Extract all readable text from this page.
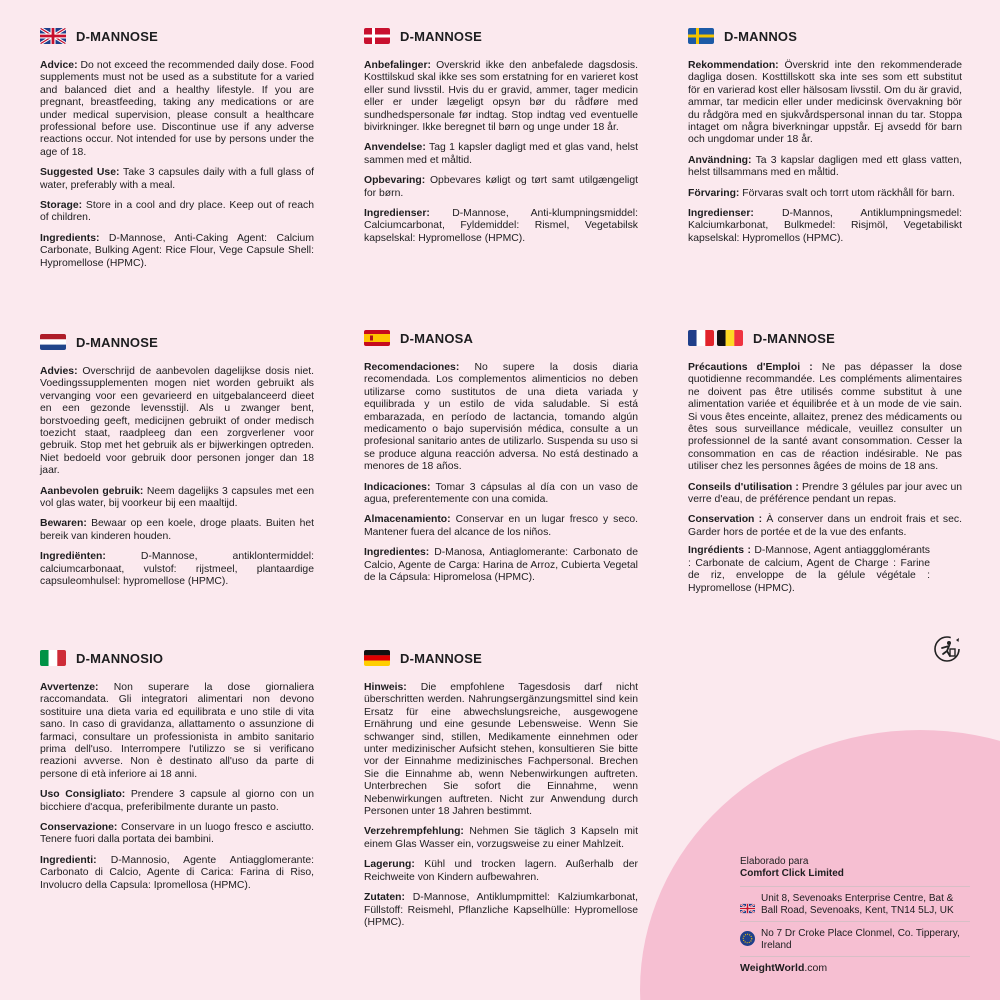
D-MANNOSE

Advice: Do not exceed the recommended daily dose. Food supplements must not be used as a substitute for a varied and balanced diet and a healthy lifestyle. If you are pregnant, breastfeeding, taking any medications or are under medical supervision, please consult a healthcare professional before use. Discontinue use if any adverse reactions occur. Not intended for use by persons under the age of 18.

Suggested Use: Take 3 capsules daily with a full glass of water, preferably with a meal.

Storage: Store in a cool and dry place. Keep out of reach of children.

Ingredients: D-Mannose, Anti-Caking Agent: Calcium Carbonate, Bulking Agent: Rice Flour, Vege Capsule Shell: Hypromellose (HPMC).

D-MANNOSE

Anbefalinger: Overskrid ikke den anbefalede dagsdosis. Kosttilskud skal ikke ses som erstatning for en varieret kost eller sund livsstil. Hvis du er gravid, ammer, tager medicin eller er under lægeligt opsyn bør du rådføre med sundhedspersonale før indtag. Stop indtag ved eventuelle bivirkninger. Ikke beregnet til børn og unge under 18 år.

Anvendelse: Tag 1 kapsler dagligt med et glas vand, helst sammen med et måltid.

Opbevaring: Opbevares køligt og tørt samt utilgængeligt for børn.

Ingredienser: D-Mannose, Anti-klumpningsmiddel: Calciumcarbonat, Fyldemiddel: Rismel, Vegetabilsk kapselskal: Hypromellose (HPMC).

D-MANNOS

Rekommendation: Överskrid inte den rekommenderade dagliga dosen. Kosttillskott ska inte ses som ett substitut för en varierad kost eller hälsosam livsstil. Om du är gravid, ammar, tar medicin eller under medicinsk övervakning bör du rådgöra med en sjukvårdspersonal innan du tar. Stoppa intaget om några biverkningar uppstår. Ej avsedd för barn och ungdomar under 18 år.

Användning: Ta 3 kapslar dagligen med ett glass vatten, helst tillsammans med en måltid.

Förvaring: Förvaras svalt och torrt utom räckhåll för barn.

Ingredienser:	D-Mannos, Antiklumpningsmedel: Kalciumkarbonat, Bulkmedel: Risjmöl, Vegetabiliskt kapselskal: Hypromellos (HPMC).

D-MANNOSE

Advies: Overschrijd de aanbevolen dagelijkse dosis niet. Voedingssupplementen mogen niet worden gebruikt als vervanging voor een gevarieerd en uitgebalanceerd dieet en een gezonde levensstijl. Als u zwanger bent, borstvoeding geeft, medicijnen gebruikt of onder medisch toezicht staat, raadpleeg dan een zorgverlener voor gebruik. Stop met het gebruik als er bijwerkingen optreden. Niet bedoeld voor gebruik door personen jonger dan 18 jaar.

Aanbevolen gebruik: Neem dagelijks 3 capsules met een vol glas water, bij voorkeur bij een maaltijd.

Bewaren: Bewaar op een koele, droge plaats. Buiten het bereik van kinderen houden.

Ingrediënten:	D-Mannose, antiklontermiddel: calciumcarbonaat, vulstof: rijstmeel, plantaardige capsuleomhulsel: hypromellose (HPMC).

D-MANOSA

Recomendaciones: No supere la dosis diaria recomendada. Los complementos alimenticios no deben utilizarse como sustitutos de una dieta variada y equilibrada y un estilo de vida saludable. Si está embarazada, en período de lactancia, tomando algún medicamento o bajo supervisión médica, consulte a un profesional sanitario antes de utilizarlo. Suspenda su uso si se produce alguna reacción adversa. No está destinado a menores de 18 años.

Indicaciones: Tomar 3 cápsulas al día con un vaso de agua, preferentemente con una comida.

Almacenamiento: Conservar en un lugar fresco y seco. Mantener fuera del alcance de los niños.

Ingredientes: D-Manosa, Antiaglomerante: Carbonato de Calcio, Agente de Carga: Harina de Arroz, Cubierta Vegetal de la Cápsula: Hipromelosa (HPMC).

D-MANNOSE

Précautions d'Emploi : Ne pas dépasser la dose quotidienne recommandée. Les compléments alimentaires ne doivent pas être utilisés comme substitut à une alimentation variée et équilibrée et à un mode de vie sain. Si vous êtes enceinte, allaitez, prenez des médicaments ou êtes sous surveillance médicale, veuillez consulter un professionnel de la santé avant consommation. Cesser la consommation en cas de réaction indésirable. Ne pas utiliser chez les personnes âgées de moins de 18 ans.

Conseils d'utilisation : Prendre 3 gélules par jour avec un verre d'eau, de préférence pendant un repas.

Conservation : À conserver dans un endroit frais et sec. Garder hors de portée et de la vue des enfants.

Ingrédients : D-Mannose, Agent antiaggglomérants : Carbonate de calcium, Agent de Charge : Farine de riz, enveloppe de la gélule végétale : Hypromellose (HPMC).

D-MANNOSIO

Avvertenze: Non superare la dose giornaliera raccomandata. Gli integratori alimentari non devono sostituire una dieta varia ed equilibrata e uno stile di vita sano. In caso di gravidanza, allattamento o assunzione di farmaci, consultare un professionista in ambito sanitario prima dell'uso. Interrompere l'utilizzo se si verificano reazioni avverse. Non è destinato all'uso da parte di persone di età inferiore ai 18 anni.

Uso Consigliato: Prendere 3 capsule al giorno con un bicchiere d'acqua, preferibilmente durante un pasto.

Conservazione: Conservare in un luogo fresco e asciutto. Tenere fuori dalla portata dei bambini.

Ingredienti: D-Mannosio, Agente Antiagglomerante: Carbonato di Calcio, Agente di Carica: Farina di Riso, Involucro della Capsula: Ipromellosa (HPMC).

D-MANNOSE

Hinweis: Die empfohlene Tagesdosis darf nicht überschritten werden. Nahrungsergänzungsmittel sind kein Ersatz für eine abwechslungsreiche, ausgewogene Ernährung und eine gesunde Lebensweise. Wenn Sie schwanger sind, stillen, Medikamente einnehmen oder unter medizinischer Aufsicht stehen, konsultieren Sie bitte vor der Einnahme medizinisches Fachpersonal. Brechen Sie die Einnahme ab, wenn Nebenwirkungen auftreten. Unterbrechen Sie sofort die Einnahme, wenn Nebenwirkungen auftreten. Nicht zur Anwendung durch Personen unter 18 Jahren bestimmt.

Verzehrempfehlung: Nehmen Sie täglich 3 Kapseln mit einem Glas Wasser ein, vorzugsweise zu einer Mahlzeit.

Lagerung: Kühl und trocken lagern. Außerhalb der Reichweite von Kindern aufbewahren.

Zutaten: D-Mannose, Antiklumpmittel: Kalziumkarbonat, Füllstoff: Reismehl, Pflanzliche Kapselhülle: Hypromellose (HPMC).

Elaborado para
Comfort Click Limited
Unit 8, Sevenoaks Enterprise Centre, Bat & Ball Road, Sevenoaks, Kent, TN14 5LJ, UK
No 7 Dr Croke Place Clonmel, Co. Tipperary, Ireland
WeightWorld.com
